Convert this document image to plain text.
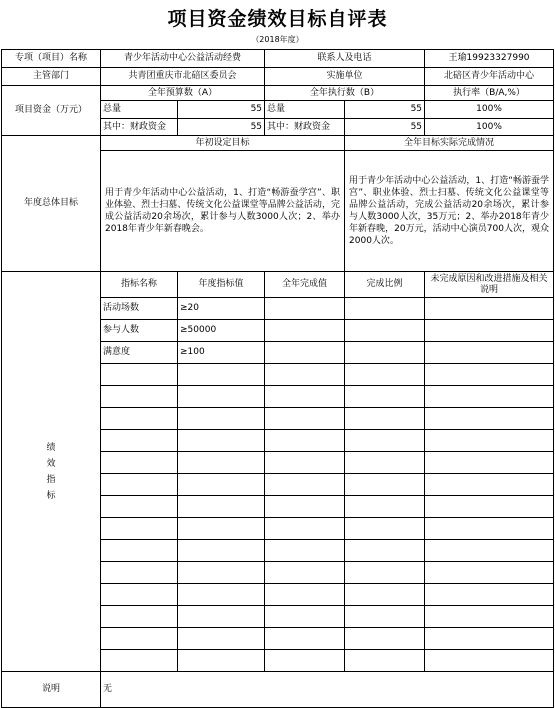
项目资金绩效目标自评表
（2018年度）
专项（项目）名称	青少年活动中心公益活动经费		联系人及电话		王瑜19923327990
主管部门	共青团重庆市北碚区委员会		实施单位		北碚区青少年活动中心
项目资金（万元）	全年预算数（A）		全年执行数（B）		执行率（B/A,%）
	总量	55	总量	55	100%
	其中：财政资金	55	其中：财政资金	55	100%
年度总体目标	年初设定目标			全年目标实际完成情况	
	用于青少年活动中心公益活动，1、打造“畅游蚕学宫”、职业体验、烈士扫墓、传统文化公益课堂等品牌公益活动，完成公益活动20余场次，累计参与人数3000人次；2、举办2018年青少年新春晚会。			用于青少年活动中心公益活动，1、打造“畅游蚕学宫”、职业体验、烈士扫墓、传统文化公益课堂等品牌公益活动，完成公益活动20余场次，累计参与人数3000人次，35万元；2、举办2018年青少年新春晚，20万元，活动中心演员700人次，观众2000人次。	

绩
效
指
标	指标名称	年度指标值	全年完成值	完成比例	未完成原因和改进措施及相关说明
	活动场数	≥20			
	参与人数	≥50000			
	满意度	≥100			

说明	无				
